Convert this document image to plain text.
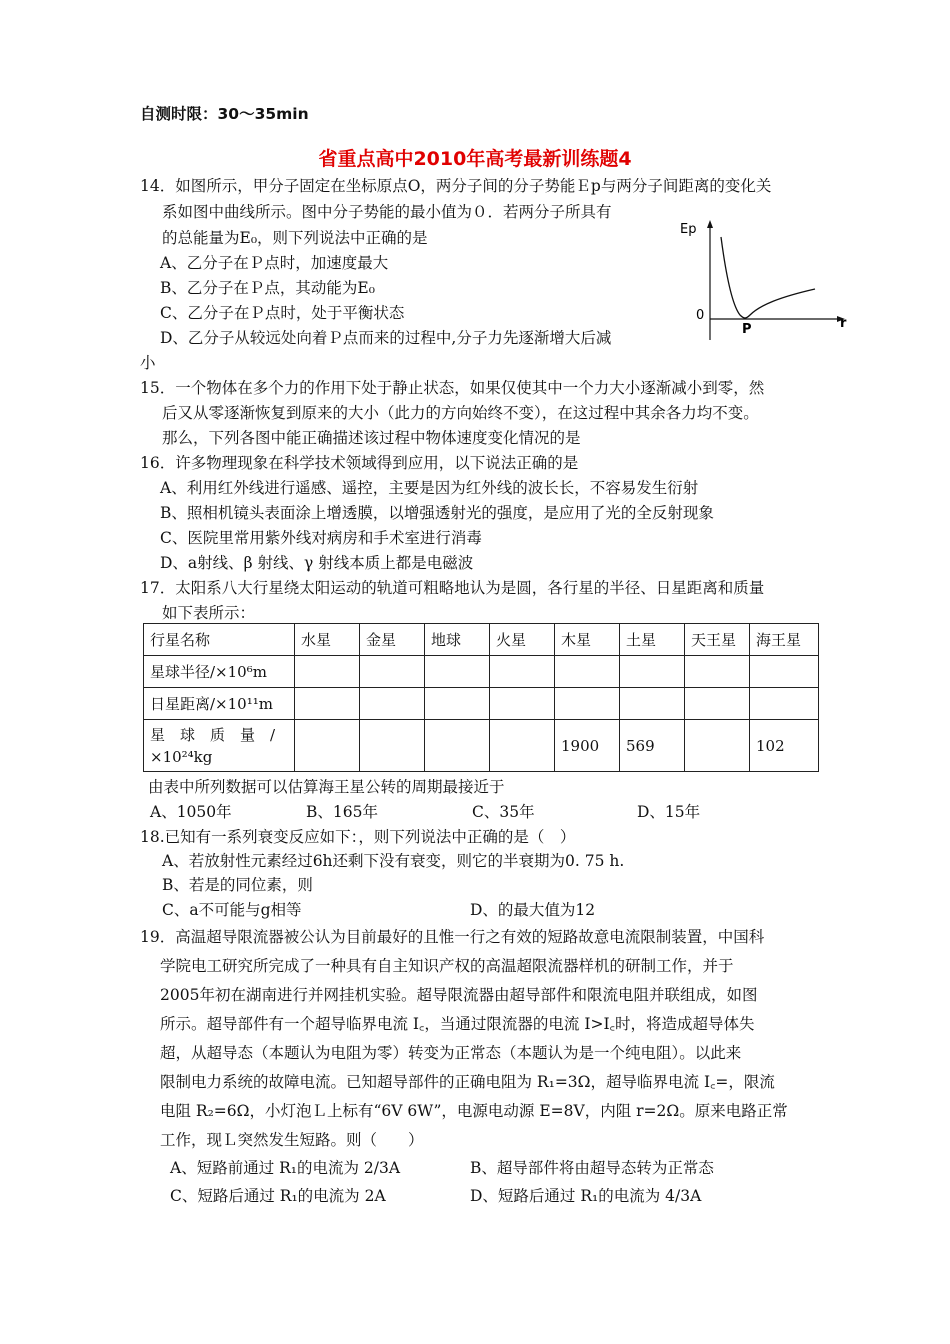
自测时限：30～35min
省重点高中2010年高考最新训练题4
14．如图所示，甲分子固定在坐标原点O，两分子间的分子势能Ｅp与两分子间距离的变化关
系如图中曲线所示。图中分子势能的最小值为０．若两分子所具有
的总能量为E₀，则下列说法中正确的是
A、乙分子在Ｐ点时，加速度最大
B、乙分子在Ｐ点，其动能为E₀
C、乙分子在Ｐ点时，处于平衡状态
D、乙分子从较远处向着Ｐ点而来的过程中,分子力先逐渐增大后减
小
Ep
0
P	r
15．一个物体在多个力的作用下处于静止状态，如果仅使其中一个力大小逐渐减小到零，然
后又从零逐渐恢复到原来的大小（此力的方向始终不变），在这过程中其余各力均不变。
那么，下列各图中能正确描述该过程中物体速度变化情况的是
16．许多物理现象在科学技术领域得到应用，以下说法正确的是
A、利用红外线进行遥感、遥控，主要是因为红外线的波长长，不容易发生衍射
B、照相机镜头表面涂上增透膜，以增强透射光的强度，是应用了光的全反射现象
C、医院里常用紫外线对病房和手术室进行消毒
D、a射线、β 射线、γ 射线本质上都是电磁波
17．太阳系八大行星绕太阳运动的轨道可粗略地认为是圆，各行星的半径、日星距离和质量
如下表所示：
行星名称	水星	金星	地球	火星	木星	土星	天王星	海王星
星球半径/×10⁶m								
日星距离/×10¹¹m								
星　球　质　量　/
×10²⁴kg					1900	569		102
由表中所列数据可以估算海王星公转的周期最接近于
A、1050年	B、165年	C、35年	D、15年
18.已知有一系列衰变反应如下：，则下列说法中正确的是（　）
A、若放射性元素经过6h还剩下没有衰变，则它的半衰期为0. 75 h.
B、若是的同位素，则
C、a不可能与g相等	D、的最大值为12
19．高温超导限流器被公认为目前最好的且惟一行之有效的短路故意电流限制装置，中国科
学院电工研究所完成了一种具有自主知识产权的高温超限流器样机的研制工作，并于
2005年初在湖南进行并网挂机实验。超导限流器由超导部件和限流电阻并联组成，如图
所示。超导部件有一个超导临界电流 I꜀，当通过限流器的电流 I>I꜀时，将造成超导体失
超，从超导态（本题认为电阻为零）转变为正常态（本题认为是一个纯电阻）。以此来
限制电力系统的故障电流。已知超导部件的正确电阻为 R₁=3Ω，超导临界电流 I꜀=，限流
电阻 R₂=6Ω，小灯泡Ｌ上标有“6V 6W”，电源电动源 E=8V，内阻 r=2Ω。原来电路正常
工作，现Ｌ突然发生短路。则（　　）
A、短路前通过 R₁的电流为 2/3A	B、超导部件将由超导态转为正常态
C、短路后通过 R₁的电流为 2A	D、短路后通过 R₁的电流为 4/3A
